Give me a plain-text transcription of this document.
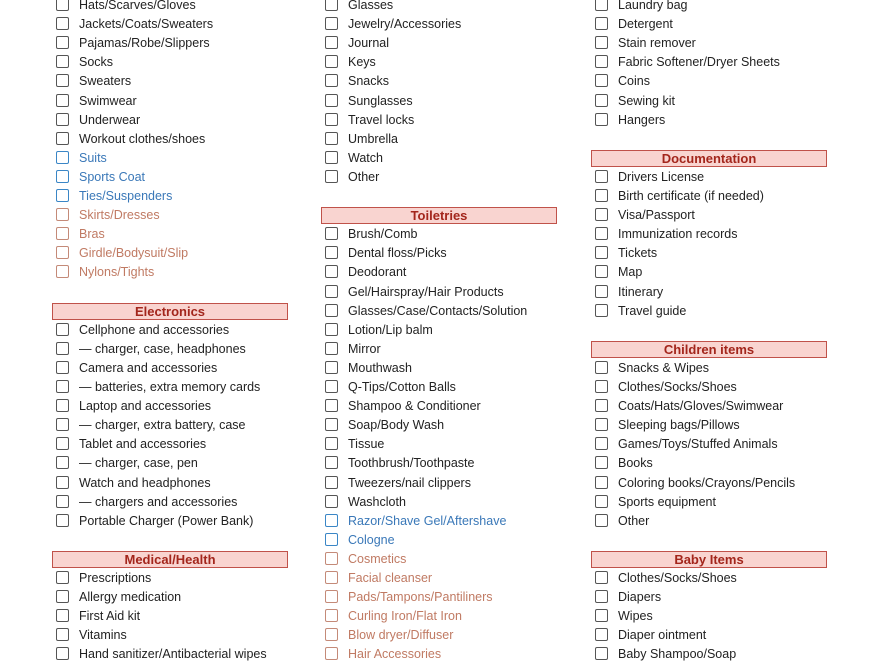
Hats/Scarves/Gloves
Jackets/Coats/Sweaters
Pajamas/Robe/Slippers
Socks
Sweaters
Swimwear
Underwear
Workout clothes/shoes
Suits
Sports Coat
Ties/Suspenders
Skirts/Dresses
Bras
Girdle/Bodysuit/Slip
Nylons/Tights
Electronics
Cellphone and accessories
— charger, case, headphones
Camera and accessories
— batteries, extra memory cards
Laptop and accessories
— charger, extra battery, case
Tablet and accessories
— charger, case, pen
Watch and headphones
— chargers and accessories
Portable Charger (Power Bank)
Medical/Health
Prescriptions
Allergy medication
First Aid kit
Vitamins
Hand sanitizer/Antibacterial wipes
Glasses
Jewelry/Accessories
Journal
Keys
Snacks
Sunglasses
Travel locks
Umbrella
Watch
Other
Toiletries
Brush/Comb
Dental floss/Picks
Deodorant
Gel/Hairspray/Hair Products
Glasses/Case/Contacts/Solution
Lotion/Lip balm
Mirror
Mouthwash
Q-Tips/Cotton Balls
Shampoo & Conditioner
Soap/Body Wash
Tissue
Toothbrush/Toothpaste
Tweezers/nail clippers
Washcloth
Razor/Shave Gel/Aftershave
Cologne
Cosmetics
Facial cleanser
Pads/Tampons/Pantiliners
Curling Iron/Flat Iron
Blow dryer/Diffuser
Hair Accessories
Laundry bag
Detergent
Stain remover
Fabric Softener/Dryer Sheets
Coins
Sewing kit
Hangers
Documentation
Drivers License
Birth certificate (if needed)
Visa/Passport
Immunization records
Tickets
Map
Itinerary
Travel guide
Children items
Snacks & Wipes
Clothes/Socks/Shoes
Coats/Hats/Gloves/Swimwear
Sleeping bags/Pillows
Games/Toys/Stuffed Animals
Books
Coloring books/Crayons/Pencils
Sports equipment
Other
Baby Items
Clothes/Socks/Shoes
Diapers
Wipes
Diaper ointment
Baby Shampoo/Soap
